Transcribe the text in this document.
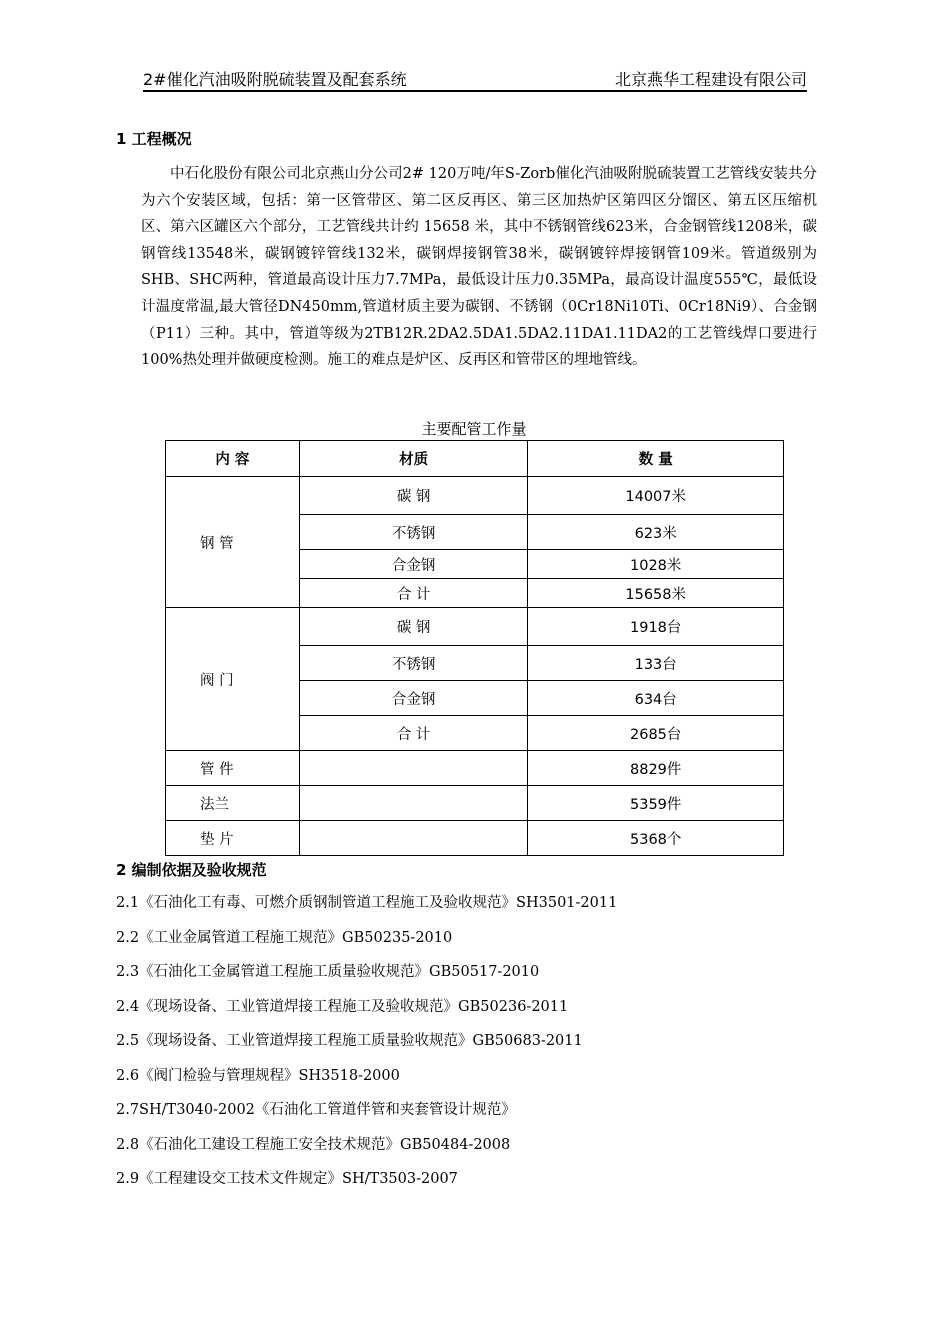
2#催化汽油吸附脱硫装置及配套系统	北京燕华工程建设有限公司
1 工程概况

中石化股份有限公司北京燕山分公司2# 120万吨/年S-Zorb催化汽油吸附脱硫装置工艺管线安装共分为六个安装区域，包括：第一区管带区、第二区反再区、第三区加热炉区第四区分馏区、第五区压缩机区、第六区罐区六个部分，工艺管线共计约 15658 米，其中不锈钢管线623米，合金钢管线1208米，碳钢管线13548米，碳钢镀锌管线132米，碳钢焊接钢管38米，碳钢镀锌焊接钢管109米。管道级别为SHB、SHC两种，管道最高设计压力7.7MPa，最低设计压力0.35MPa，最高设计温度555℃，最低设计温度常温,最大管径DN450mm,管道材质主要为碳钢、不锈钢（0Cr18Ni10Ti、0Cr18Ni9）、合金钢（P11）三种。其中，管道等级为2TB12R.2DA2.5DA1.5DA2.11DA1.11DA2的工艺管线焊口要进行100%热处理并做硬度检测。施工的难点是炉区、反再区和管带区的埋地管线。

主要配管工作量
内 容	材质	数 量
钢 管	碳 钢	14007米
	不锈钢	623米
	合金钢	1028米
	合 计	15658米
阀 门	碳 钢	1918台
	不锈钢	133台
	合金钢	634台
	合 计	2685台
管 件		8829件
法兰		5359件
垫 片		5368个
2 编制依据及验收规范
2.1《石油化工有毒、可燃介质钢制管道工程施工及验收规范》SH3501-2011
2.2《工业金属管道工程施工规范》GB50235-2010
2.3《石油化工金属管道工程施工质量验收规范》GB50517-2010
2.4《现场设备、工业管道焊接工程施工及验收规范》GB50236-2011
2.5《现场设备、工业管道焊接工程施工质量验收规范》GB50683-2011
2.6《阀门检验与管理规程》SH3518-2000
2.7SH/T3040-2002《石油化工管道伴管和夹套管设计规范》
2.8《石油化工建设工程施工安全技术规范》GB50484-2008
2.9《工程建设交工技术文件规定》SH/T3503-2007
